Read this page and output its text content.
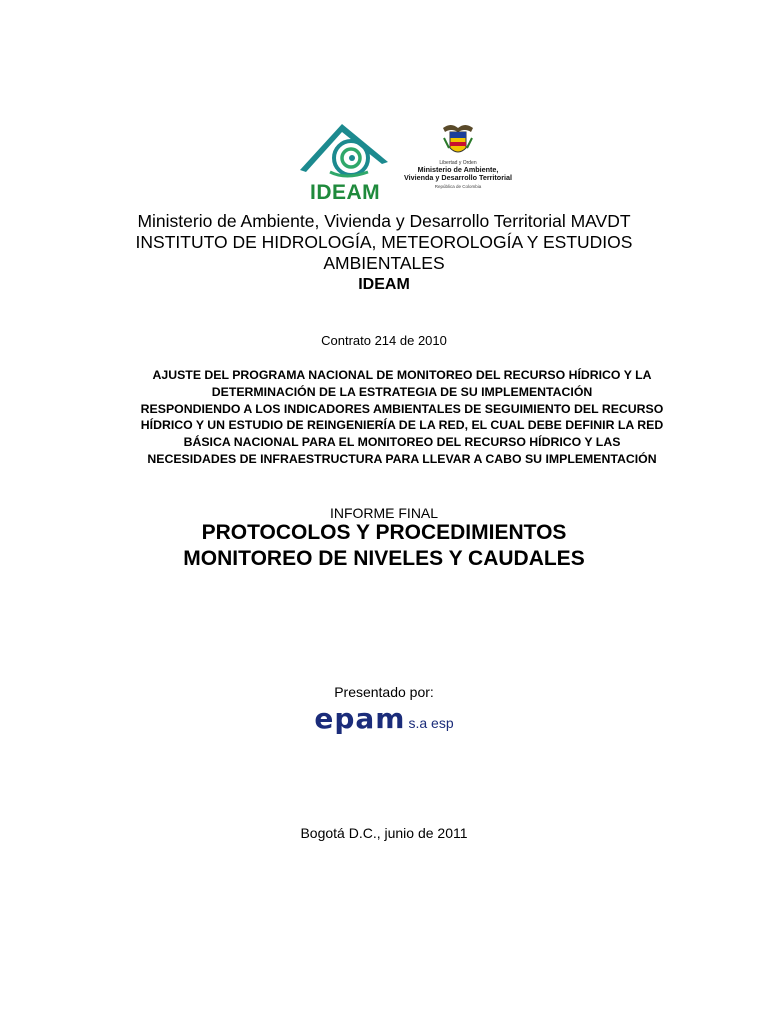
IDEAM
Libertad y Orden
Ministerio de Ambiente,
Vivienda y Desarrollo Territorial
República de Colombia
Ministerio de Ambiente, Vivienda y Desarrollo Territorial MAVDT
INSTITUTO DE HIDROLOGÍA, METEOROLOGÍA Y ESTUDIOS
AMBIENTALES
IDEAM
Contrato 214 de 2010
AJUSTE DEL PROGRAMA NACIONAL DE MONITOREO DEL RECURSO HÍDRICO Y LA
DETERMINACIÓN DE LA ESTRATEGIA DE SU IMPLEMENTACIÓN
RESPONDIENDO A LOS INDICADORES AMBIENTALES DE SEGUIMIENTO DEL RECURSO
HÍDRICO Y UN ESTUDIO DE REINGENIERÍA DE LA RED, EL CUAL DEBE DEFINIR LA RED
BÁSICA NACIONAL PARA EL MONITOREO DEL RECURSO HÍDRICO Y LAS
NECESIDADES DE INFRAESTRUCTURA PARA LLEVAR A CABO SU IMPLEMENTACIÓN
INFORME FINAL
PROTOCOLOS Y PROCEDIMIENTOS
MONITOREO DE NIVELES Y CAUDALES
Presentado por:
epam s.a esp
Bogotá D.C., junio de 2011
